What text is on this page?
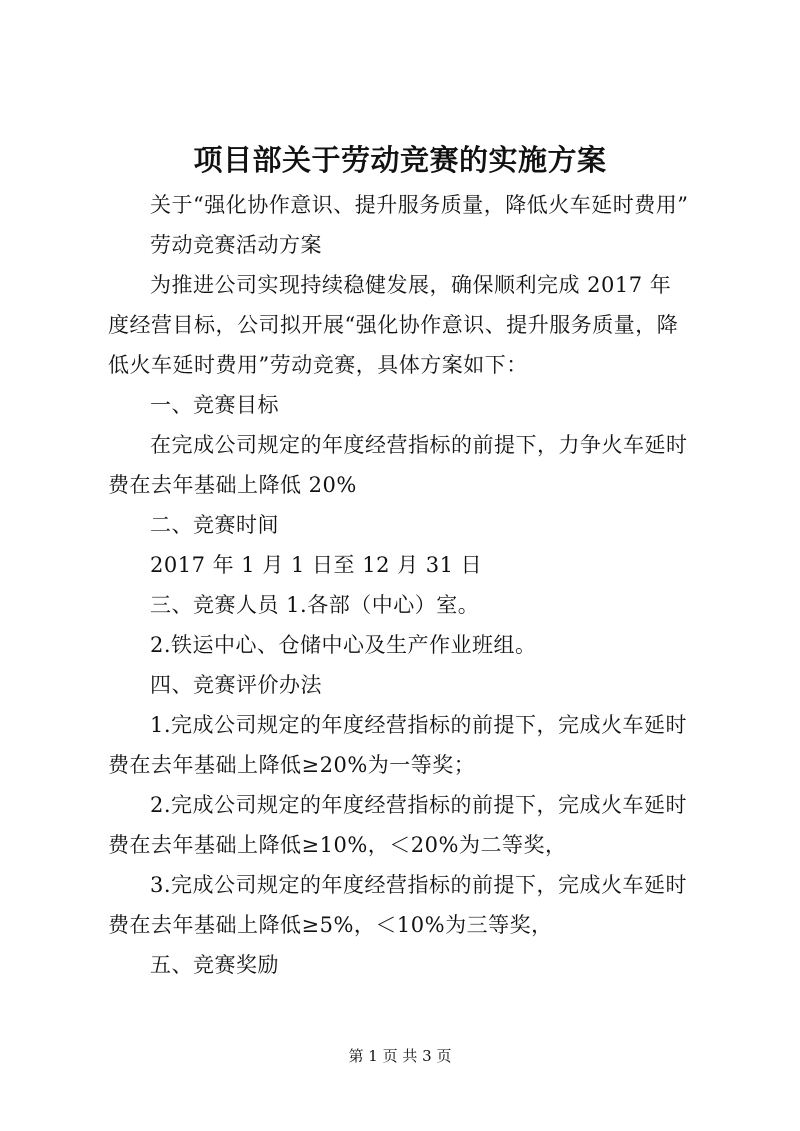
项目部关于劳动竞赛的实施方案

关于“强化协作意识、提升服务质量，降低火车延时费用”

劳动竞赛活动方案

为推进公司实现持续稳健发展，确保顺利完成 2017 年度经营目标，公司拟开展“强化协作意识、提升服务质量，降低火车延时费用”劳动竞赛，具体方案如下：

一、竞赛目标

在完成公司规定的年度经营指标的前提下，力争火车延时费在去年基础上降低 20%

二、竞赛时间

2017 年 1 月 1 日至 12 月 31 日

三、竞赛人员 1.各部（中心）室。

2.铁运中心、仓储中心及生产作业班组。

四、竞赛评价办法

1.完成公司规定的年度经营指标的前提下，完成火车延时费在去年基础上降低≥20%为一等奖；

2.完成公司规定的年度经营指标的前提下，完成火车延时费在去年基础上降低≥10%，＜20%为二等奖，

3.完成公司规定的年度经营指标的前提下，完成火车延时费在去年基础上降低≥5%，＜10%为三等奖，

五、竞赛奖励

第 1 页 共 3 页
